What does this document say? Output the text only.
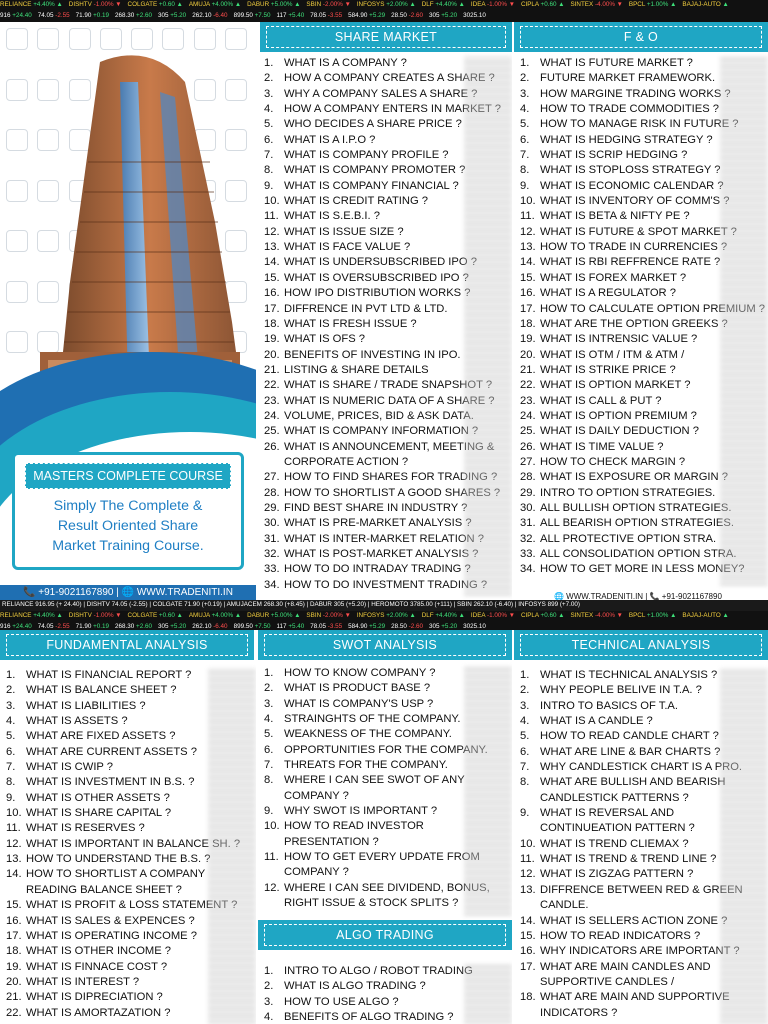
RELIANCE +4.40% ▲ DISHTV -1.00% ▼ COLGATE +0.60 ▲ AMUJA +4.00% ▲ DABUR +5.00% ▲ SBIN -2.00% ▼ INFOSYS +2.00% ▲ DLF +4.40% ▲ IDEA -1.00% ▼ CIPLA +0.60 ▲ SINTEX -4.00% ▼ BPCL +1.00% ▲ BAJAJ-AUTO ▲
916 +24.40 74.05 -2.55 71.90 +0.19 268.30 +2.60 305 +5.20 262.10 -6.40 899.50 +7.50 117 +5.40 78.05 -3.55 584.90 +5.29 28.50 -2.60 305 +5.20 3025.10
MASTERS COMPLETE COURSE
Simply The Complete &
Result Oriented Share
Market Training Course.
📞 +91-9021167890 | 🌐 WWW.TRADENITI.IN
SHARE MARKET
1. WHAT IS A COMPANY ?
2. HOW A COMPANY CREATES A SHARE ?
3. WHY A COMPANY SALES A SHARE ?
4. HOW A COMPANY ENTERS IN MARKET ?
5. WHO DECIDES A SHARE PRICE ?
6. WHAT IS A I.P.O ?
7. WHAT IS COMPANY PROFILE ?
8. WHAT IS COMPANY PROMOTER ?
9. WHAT IS COMPANY FINANCIAL ?
10. WHAT IS CREDIT RATING ?
11. WHAT IS S.E.B.I. ?
12. WHAT IS ISSUE SIZE ?
13. WHAT IS FACE VALUE ?
14. WHAT IS UNDERSUBSCRIBED IPO ?
15. WHAT IS OVERSUBSCRIBED IPO ?
16. HOW IPO DISTRIBUTION WORKS ?
17. DIFFRENCE IN PVT LTD & LTD.
18. WHAT IS FRESH ISSUE ?
19. WHAT IS OFS ?
20. BENEFITS OF INVESTING IN IPO.
21. LISTING & SHARE DETAILS
22. WHAT IS SHARE / TRADE SNAPSHOT ?
23. WHAT IS NUMERIC DATA OF A SHARE ?
24. VOLUME, PRICES, BID & ASK DATA.
25. WHAT IS COMPANY INFORMATION ?
26. WHAT IS ANNOUNCEMENT, MEETING & CORPORATE ACTION ?
27. HOW TO FIND SHARES FOR TRADING ?
28. HOW TO SHORTLIST A GOOD SHARES ?
29. FIND BEST SHARE IN INDUSTRY ?
30. WHAT IS PRE-MARKET ANALYSIS ?
31. WHAT IS INTER-MARKET RELATION ?
32. WHAT IS POST-MARKET ANALYSIS ?
33. HOW TO DO INTRADAY TRADING ?
34. HOW TO DO INVESTMENT TRADING ?
F & O
1. WHAT IS FUTURE MARKET ?
2. FUTURE MARKET FRAMEWORK.
3. HOW MARGINE TRADING WORKS ?
4. HOW TO TRADE COMMODITIES ?
5. HOW TO MANAGE RISK IN FUTURE ?
6. WHAT IS HEDGING STRATEGY ?
7. WHAT IS SCRIP HEDGING ?
8. WHAT IS STOPLOSS STRATEGY ?
9. WHAT IS ECONOMIC CALENDAR ?
10. WHAT IS INVENTORY OF COMM'S ?
11. WHAT IS BETA & NIFTY PE ?
12. WHAT IS FUTURE & SPOT MARKET ?
13. HOW TO TRADE IN CURRENCIES ?
14. WHAT IS RBI REFFRENCE RATE ?
15. WHAT IS FOREX MARKET ?
16. WHAT IS A REGULATOR ?
17. HOW TO CALCULATE OPTION PREMIUM ?
18. WHAT ARE THE OPTION GREEKS ?
19. WHAT IS INTRENSIC VALUE ?
20. WHAT IS OTM / ITM & ATM /
21. WHAT IS STRIKE PRICE ?
22. WHAT IS OPTION MARKET ?
23. WHAT IS CALL & PUT ?
24. WHAT IS OPTION PREMIUM ?
25. WHAT IS DAILY DEDUCTION ?
26. WHAT IS TIME VALUE ?
27. HOW TO CHECK MARGIN ?
28. WHAT IS EXPOSURE OR MARGIN ?
29. INTRO TO OPTION STRATEGIES.
30. ALL BULLISH OPTION STRATEGIES.
31. ALL BEARISH OPTION STRATEGIES.
32. ALL PROTECTIVE OPTION STRA.
33. ALL CONSOLIDATION OPTION STRA.
34. HOW TO GET MORE IN LESS MONEY?
🌐 WWW.TRADENITI.IN | 📞 +91-9021167890
RELIANCE 916.95 (+ 24.40) | DISHTV 74.05 (-2.55) | COLGATE 71.90 (+0.19) | AMUJACEM 268.30 (+8.45) | DABUR 305 (+5.20) | HEROMOTO 3785.00 (+111) | SBIN 262.10 (-6.40) | INFOSYS 899 (+7.00)
RELIANCE +4.40% ▲ DISHTV -1.00% ▼ COLGATE +0.60 ▲ AMUJA +4.00% ▲ DABUR +5.00% ▲ SBIN -2.00% ▼ INFOSYS +2.00% ▲ DLF +4.40% ▲ IDEA -1.00% ▼ CIPLA +0.60 ▲ SINTEX -4.00% ▼ BPCL +1.00% ▲ BAJAJ-AUTO ▲
916 +24.40 74.05 -2.55 71.90 +0.19 268.30 +2.60 305 +5.20 262.10 -6.40 899.50 +7.50 117 +5.40 78.05 -3.55 584.90 +5.29 28.50 -2.60 305 +5.20 3025.10
FUNDAMENTAL ANALYSIS
1. WHAT IS FINANCIAL REPORT ?
2. WHAT IS BALANCE SHEET ?
3. WHAT IS LIABILITIES ?
4. WHAT IS ASSETS ?
5. WHAT ARE FIXED ASSETS ?
6. WHAT ARE CURRENT ASSETS ?
7. WHAT IS CWIP ?
8. WHAT IS INVESTMENT IN B.S. ?
9. WHAT IS OTHER ASSETS ?
10. WHAT IS SHARE CAPITAL ?
11. WHAT IS RESERVES ?
12. WHAT IS IMPORTANT IN BALANCE SH. ?
13. HOW TO UNDERSTAND THE B.S. ?
14. HOW TO SHORTLIST A COMPANY READING BALANCE SHEET ?
15. WHAT IS PROFIT & LOSS STATEMENT ?
16. WHAT IS SALES & EXPENCES ?
17. WHAT IS OPERATING INCOME ?
18. WHAT IS OTHER INCOME ?
19. WHAT IS FINNACE COST ?
20. WHAT IS INTEREST ?
21. WHAT IS DIPRECIATION ?
22. WHAT IS AMORTAZATION ?
SWOT ANALYSIS
1. HOW TO KNOW COMPANY ?
2. WHAT IS PRODUCT BASE ?
3. WHAT IS COMPANY'S USP ?
4. STRAINGHTS OF THE COMPANY.
5. WEAKNESS OF THE COMPANY.
6. OPPORTUNITIES FOR THE COMPANY.
7. THREATS FOR THE COMPANY.
8. WHERE I CAN SEE SWOT OF ANY COMPANY ?
9. WHY SWOT IS IMPORTANT ?
10. HOW TO READ INVESTOR PRESENTATION ?
11. HOW TO GET EVERY UPDATE FROM COMPANY ?
12. WHERE I CAN SEE DIVIDEND, BONUS, RIGHT ISSUE & STOCK SPLITS ?
ALGO TRADING
1. INTRO TO ALGO / ROBOT TRADING
2. WHAT IS ALGO TRADING ?
3. HOW TO USE ALGO ?
4. BENEFITS OF ALGO TRADING ?
TECHNICAL ANALYSIS
1. WHAT IS TECHNICAL ANALYSIS ?
2. WHY PEOPLE BELIVE IN T.A. ?
3. INTRO TO BASICS OF T.A.
4. WHAT IS A CANDLE ?
5. HOW TO READ CANDLE CHART ?
6. WHAT ARE LINE & BAR CHARTS ?
7. WHY CANDLESTICK CHART IS A PRO.
8. WHAT ARE BULLISH AND BEARISH CANDLESTICK PATTERNS ?
9. WHAT IS REVERSAL AND CONTINUEATION PATTERN ?
10. WHAT IS TREND CLIEMAX ?
11. WHAT IS TREND & TREND LINE ?
12. WHAT IS ZIGZAG PATTERN ?
13. DIFFRENCE BETWEEN RED & GREEN CANDLE.
14. WHAT IS SELLERS ACTION ZONE ?
15. HOW TO READ INDICATORS ?
16. WHY INDICATORS ARE IMPORTANT ?
17. WHAT ARE MAIN CANDLES AND SUPPORTIVE CANDLES /
18. WHAT ARE MAIN AND SUPPORTIVE INDICATORS ?
